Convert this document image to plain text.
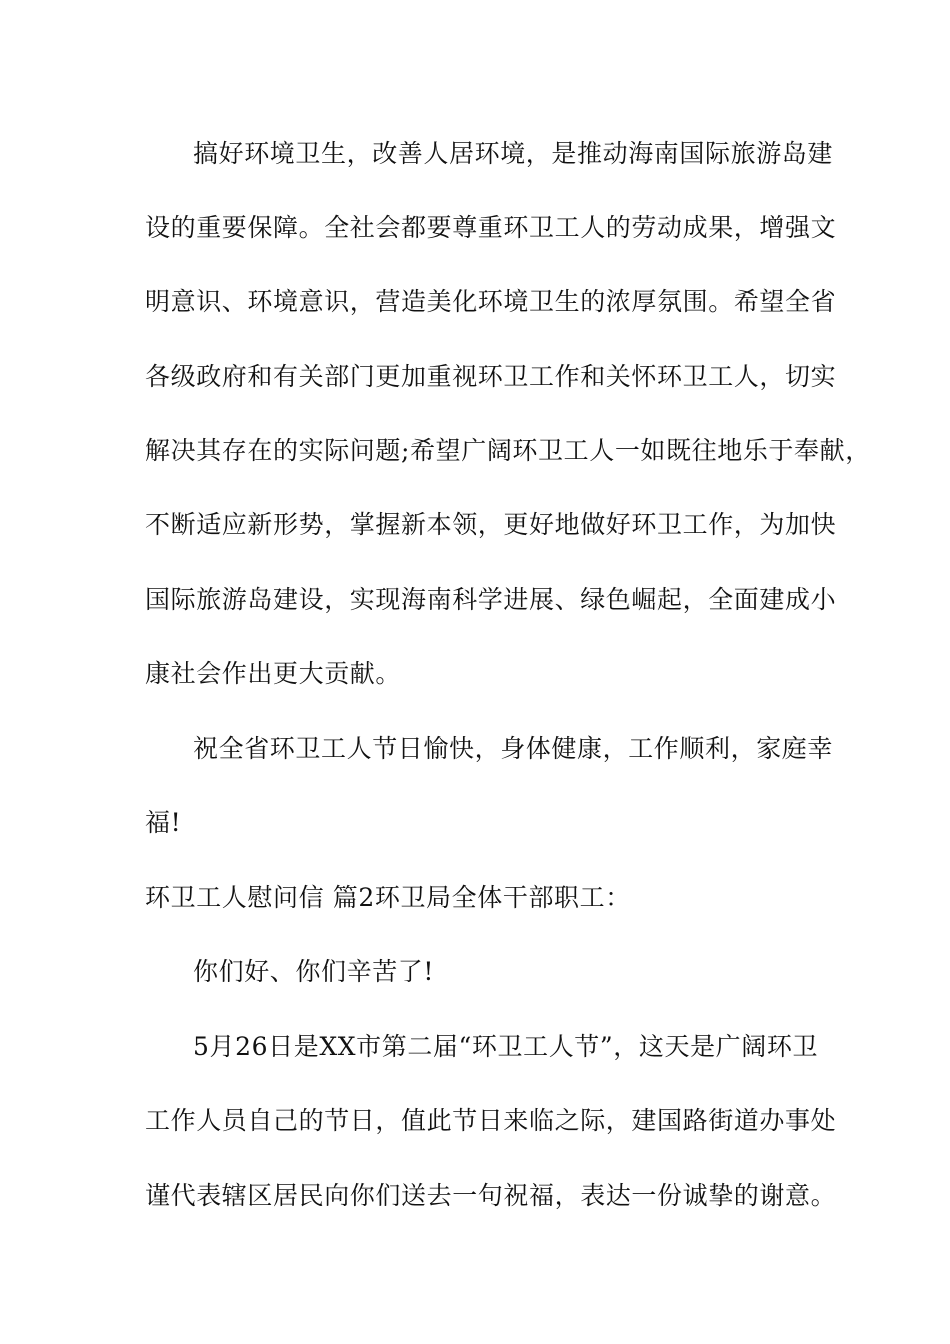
搞好环境卫生，改善人居环境，是推动海南国际旅游岛建
设的重要保障。全社会都要尊重环卫工人的劳动成果，增强文
明意识、环境意识，营造美化环境卫生的浓厚氛围。希望全省
各级政府和有关部门更加重视环卫工作和关怀环卫工人，切实
解决其存在的实际问题;希望广阔环卫工人一如既往地乐于奉献，
不断适应新形势，掌握新本领，更好地做好环卫工作，为加快
国际旅游岛建设，实现海南科学进展、绿色崛起，全面建成小
康社会作出更大贡献。
祝全省环卫工人节日愉快，身体健康，工作顺利，家庭幸
福!
环卫工人慰问信 篇2环卫局全体干部职工：
你们好、你们辛苦了!
5月26日是XX市第二届“环卫工人节”，这天是广阔环卫
工作人员自己的节日，值此节日来临之际，建国路街道办事处
谨代表辖区居民向你们送去一句祝福，表达一份诚挚的谢意。
